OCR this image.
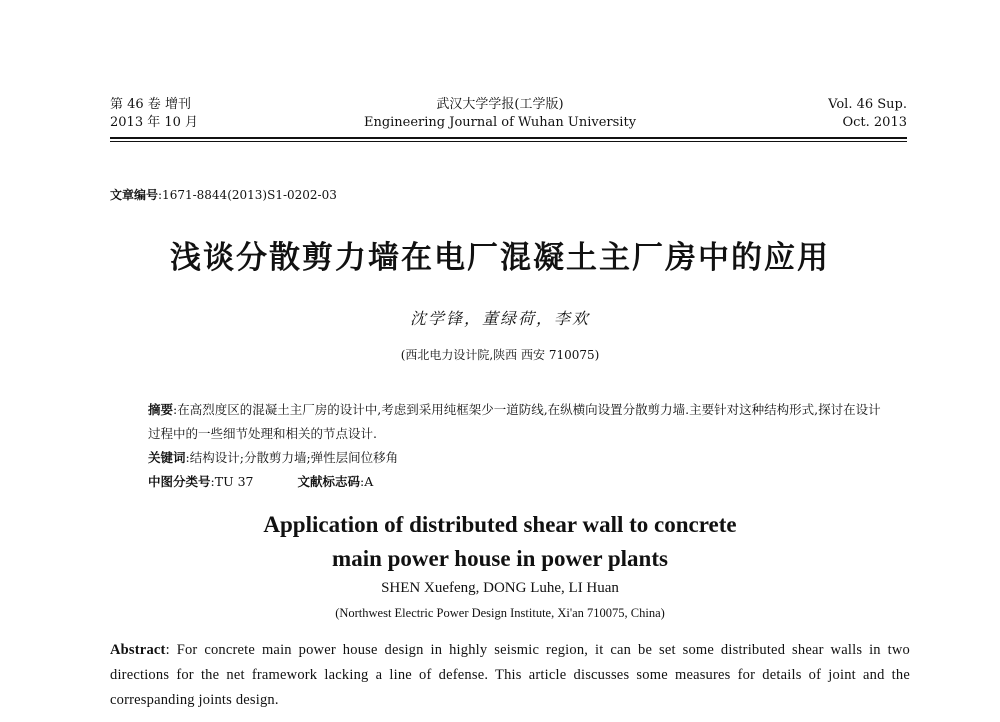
第 46 卷 增刊
2013 年 10 月
武汉大学学报(工学版)
Engineering Journal of Wuhan University
Vol. 46 Sup.
Oct. 2013
文章编号:1671-8844(2013)S1-0202-03
浅谈分散剪力墙在电厂混凝土主厂房中的应用
沈学锋，董绿荷，李欢
(西北电力设计院,陕西 西安 710075)
摘要:在高烈度区的混凝土主厂房的设计中,考虑到采用纯框架少一道防线,在纵横向设置分散剪力墙.主要针对这种结构形式,探讨在设计过程中的一些细节处理和相关的节点设计.
关键词:结构设计;分散剪力墙;弹性层间位移角
中图分类号:TU 37	文献标志码:A
Application of distributed shear wall to concrete
main power house in power plants
SHEN Xuefeng, DONG Luhe, LI Huan
(Northwest Electric Power Design Institute, Xi'an 710075, China)
Abstract: For concrete main power house design in highly seismic region, it can be set some distributed shear walls in two directions for the net framework lacking a line of defense. This article discusses some measures for details of joint and the correspanding joints design.
